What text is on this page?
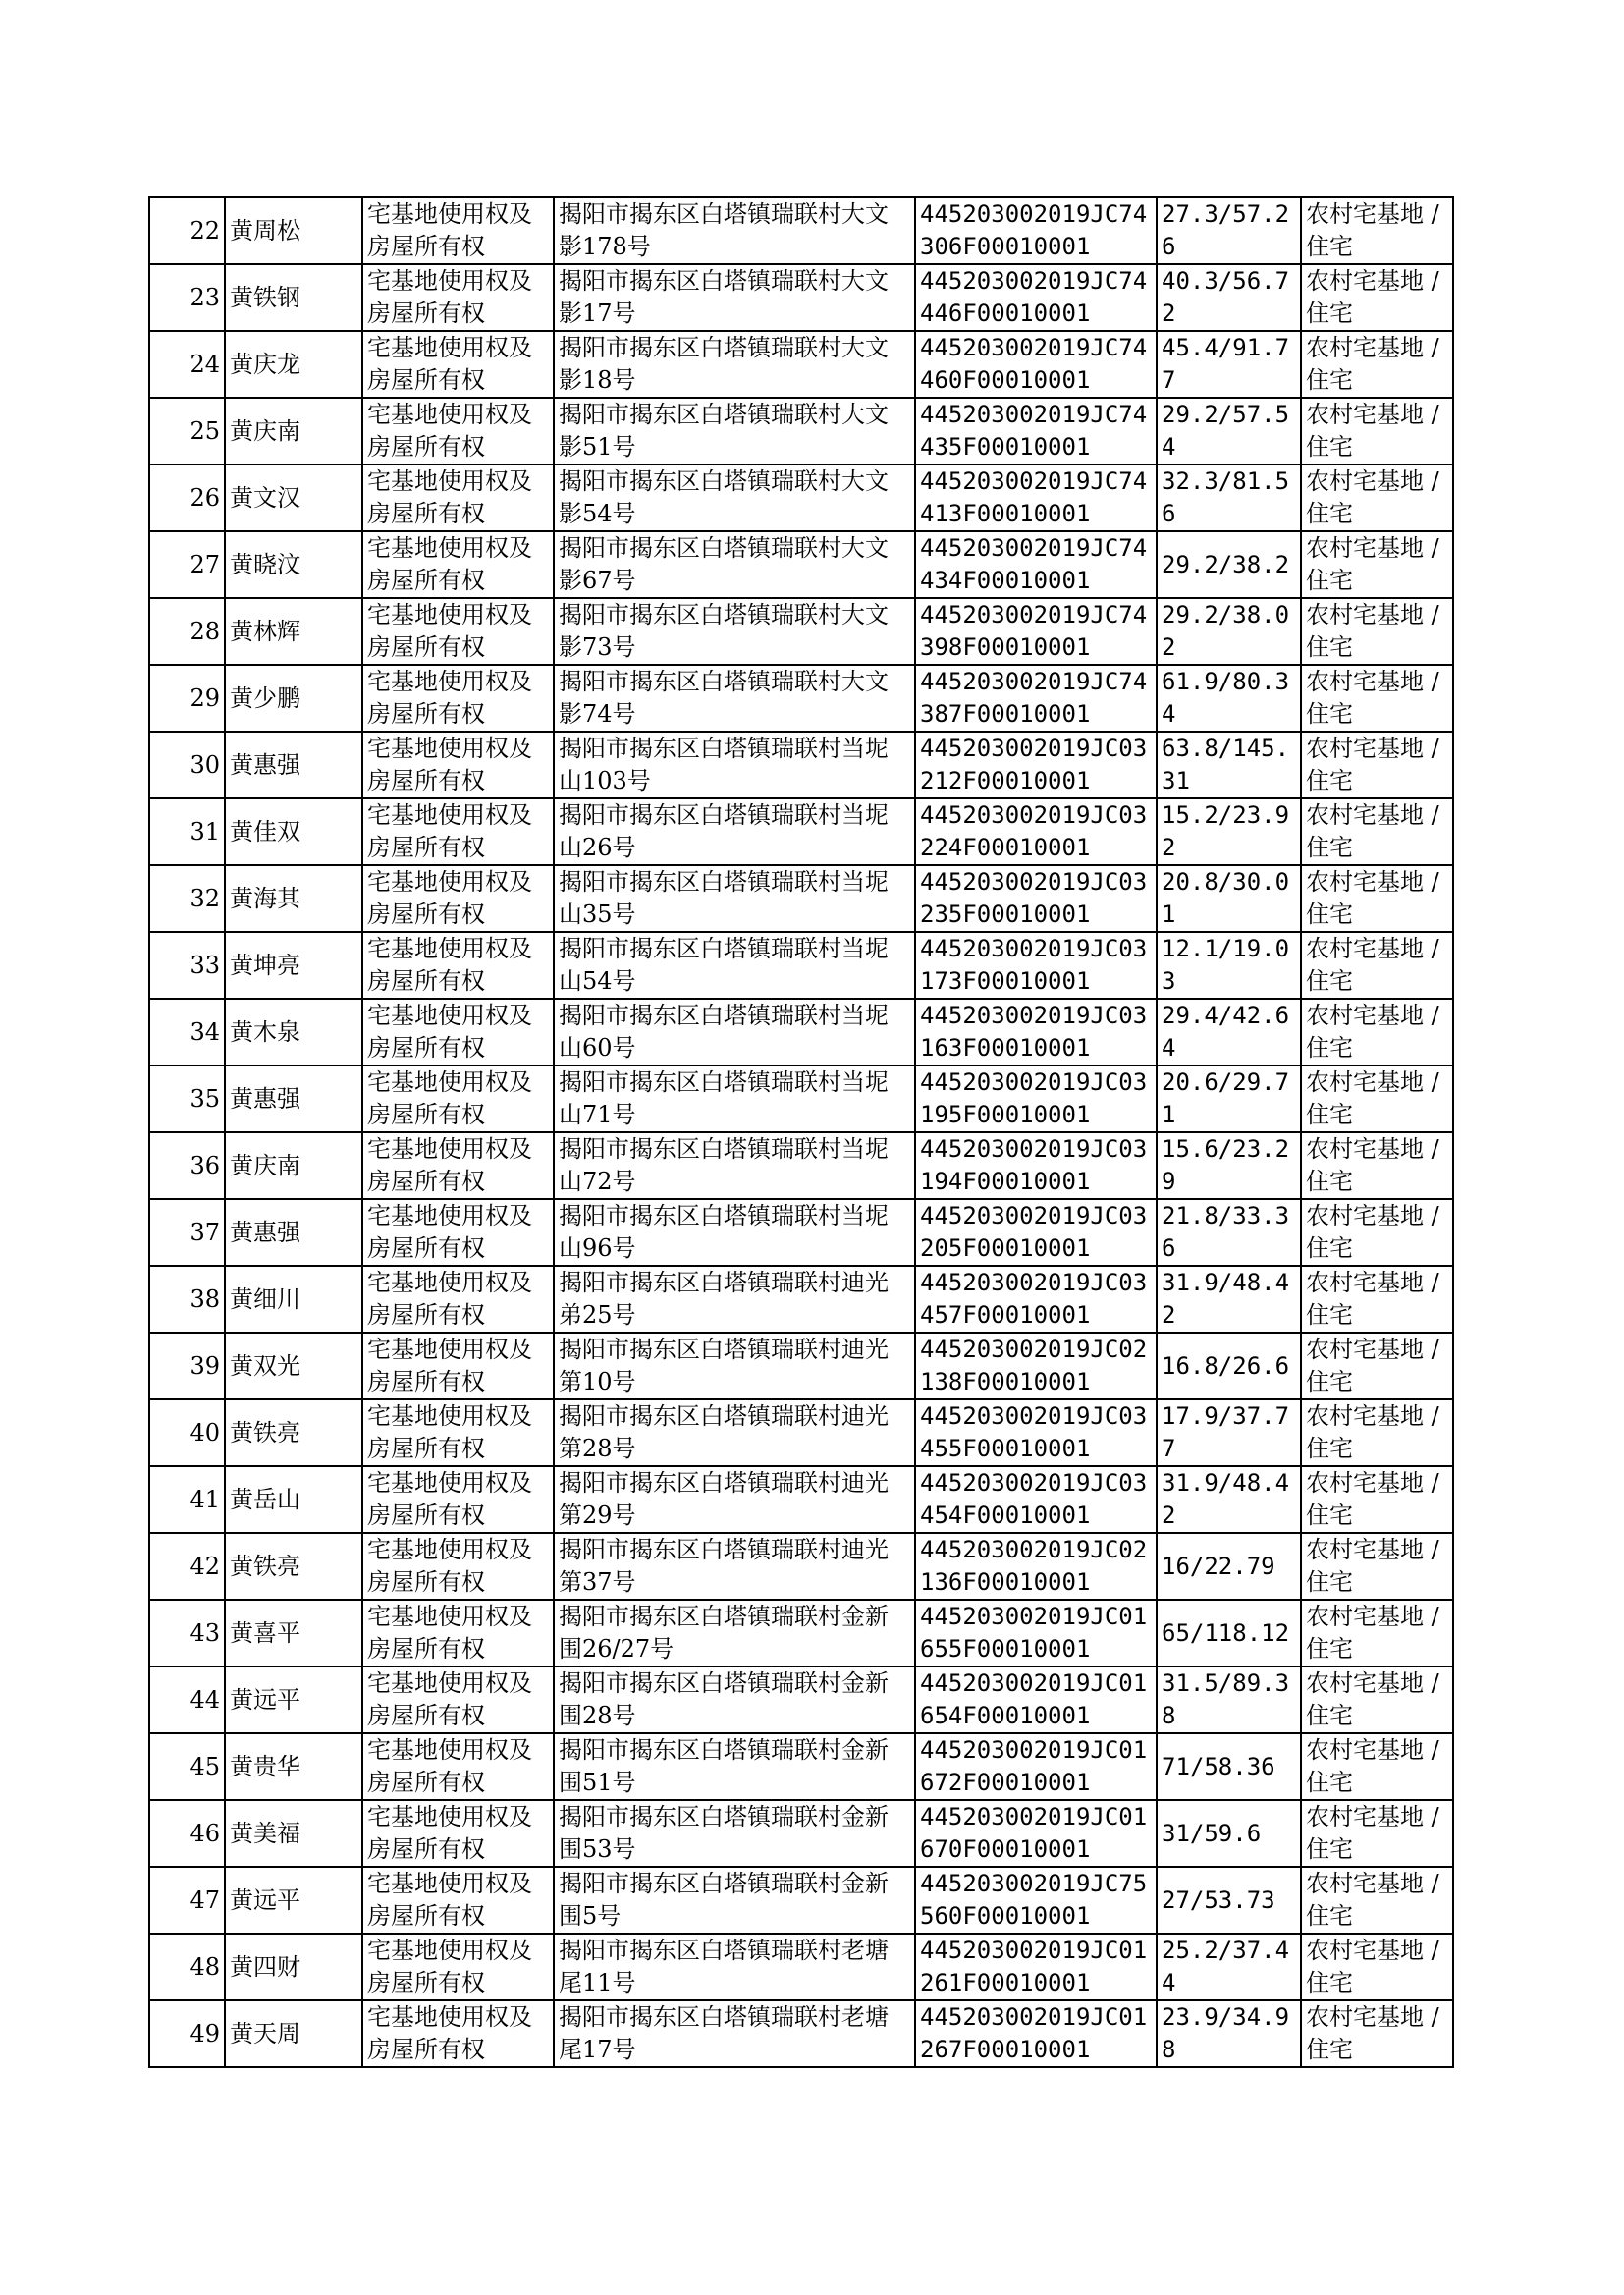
22	黄周松	宅基地使用权及房屋所有权	揭阳市揭东区白塔镇瑞联村大文影178号	445203002019JC74306F00010001	27.3/57.26	农村宅基地 / 住宅
23	黄铁钢	宅基地使用权及房屋所有权	揭阳市揭东区白塔镇瑞联村大文影17号	445203002019JC74446F00010001	40.3/56.72	农村宅基地 / 住宅
24	黄庆龙	宅基地使用权及房屋所有权	揭阳市揭东区白塔镇瑞联村大文影18号	445203002019JC74460F00010001	45.4/91.77	农村宅基地 / 住宅
25	黄庆南	宅基地使用权及房屋所有权	揭阳市揭东区白塔镇瑞联村大文影51号	445203002019JC74435F00010001	29.2/57.54	农村宅基地 / 住宅
26	黄文汉	宅基地使用权及房屋所有权	揭阳市揭东区白塔镇瑞联村大文影54号	445203002019JC74413F00010001	32.3/81.56	农村宅基地 / 住宅
27	黄晓汶	宅基地使用权及房屋所有权	揭阳市揭东区白塔镇瑞联村大文影67号	445203002019JC74434F00010001	29.2/38.2	农村宅基地 / 住宅
28	黄林辉	宅基地使用权及房屋所有权	揭阳市揭东区白塔镇瑞联村大文影73号	445203002019JC74398F00010001	29.2/38.02	农村宅基地 / 住宅
29	黄少鹏	宅基地使用权及房屋所有权	揭阳市揭东区白塔镇瑞联村大文影74号	445203002019JC74387F00010001	61.9/80.34	农村宅基地 / 住宅
30	黄惠强	宅基地使用权及房屋所有权	揭阳市揭东区白塔镇瑞联村当坭山103号	445203002019JC03212F00010001	63.8/145.31	农村宅基地 / 住宅
31	黄佳双	宅基地使用权及房屋所有权	揭阳市揭东区白塔镇瑞联村当坭山26号	445203002019JC03224F00010001	15.2/23.92	农村宅基地 / 住宅
32	黄海其	宅基地使用权及房屋所有权	揭阳市揭东区白塔镇瑞联村当坭山35号	445203002019JC03235F00010001	20.8/30.01	农村宅基地 / 住宅
33	黄坤亮	宅基地使用权及房屋所有权	揭阳市揭东区白塔镇瑞联村当坭山54号	445203002019JC03173F00010001	12.1/19.03	农村宅基地 / 住宅
34	黄木泉	宅基地使用权及房屋所有权	揭阳市揭东区白塔镇瑞联村当坭山60号	445203002019JC03163F00010001	29.4/42.64	农村宅基地 / 住宅
35	黄惠强	宅基地使用权及房屋所有权	揭阳市揭东区白塔镇瑞联村当坭山71号	445203002019JC03195F00010001	20.6/29.71	农村宅基地 / 住宅
36	黄庆南	宅基地使用权及房屋所有权	揭阳市揭东区白塔镇瑞联村当坭山72号	445203002019JC03194F00010001	15.6/23.29	农村宅基地 / 住宅
37	黄惠强	宅基地使用权及房屋所有权	揭阳市揭东区白塔镇瑞联村当坭山96号	445203002019JC03205F00010001	21.8/33.36	农村宅基地 / 住宅
38	黄细川	宅基地使用权及房屋所有权	揭阳市揭东区白塔镇瑞联村迪光弟25号	445203002019JC03457F00010001	31.9/48.42	农村宅基地 / 住宅
39	黄双光	宅基地使用权及房屋所有权	揭阳市揭东区白塔镇瑞联村迪光第10号	445203002019JC02138F00010001	16.8/26.6	农村宅基地 / 住宅
40	黄铁亮	宅基地使用权及房屋所有权	揭阳市揭东区白塔镇瑞联村迪光第28号	445203002019JC03455F00010001	17.9/37.77	农村宅基地 / 住宅
41	黄岳山	宅基地使用权及房屋所有权	揭阳市揭东区白塔镇瑞联村迪光第29号	445203002019JC03454F00010001	31.9/48.42	农村宅基地 / 住宅
42	黄铁亮	宅基地使用权及房屋所有权	揭阳市揭东区白塔镇瑞联村迪光第37号	445203002019JC02136F00010001	16/22.79	农村宅基地 / 住宅
43	黄喜平	宅基地使用权及房屋所有权	揭阳市揭东区白塔镇瑞联村金新围26/27号	445203002019JC01655F00010001	65/118.12	农村宅基地 / 住宅
44	黄远平	宅基地使用权及房屋所有权	揭阳市揭东区白塔镇瑞联村金新围28号	445203002019JC01654F00010001	31.5/89.38	农村宅基地 / 住宅
45	黄贵华	宅基地使用权及房屋所有权	揭阳市揭东区白塔镇瑞联村金新围51号	445203002019JC01672F00010001	71/58.36	农村宅基地 / 住宅
46	黄美福	宅基地使用权及房屋所有权	揭阳市揭东区白塔镇瑞联村金新围53号	445203002019JC01670F00010001	31/59.6	农村宅基地 / 住宅
47	黄远平	宅基地使用权及房屋所有权	揭阳市揭东区白塔镇瑞联村金新围5号	445203002019JC75560F00010001	27/53.73	农村宅基地 / 住宅
48	黄四财	宅基地使用权及房屋所有权	揭阳市揭东区白塔镇瑞联村老塘尾11号	445203002019JC01261F00010001	25.2/37.44	农村宅基地 / 住宅
49	黄天周	宅基地使用权及房屋所有权	揭阳市揭东区白塔镇瑞联村老塘尾17号	445203002019JC01267F00010001	23.9/34.98	农村宅基地 / 住宅
